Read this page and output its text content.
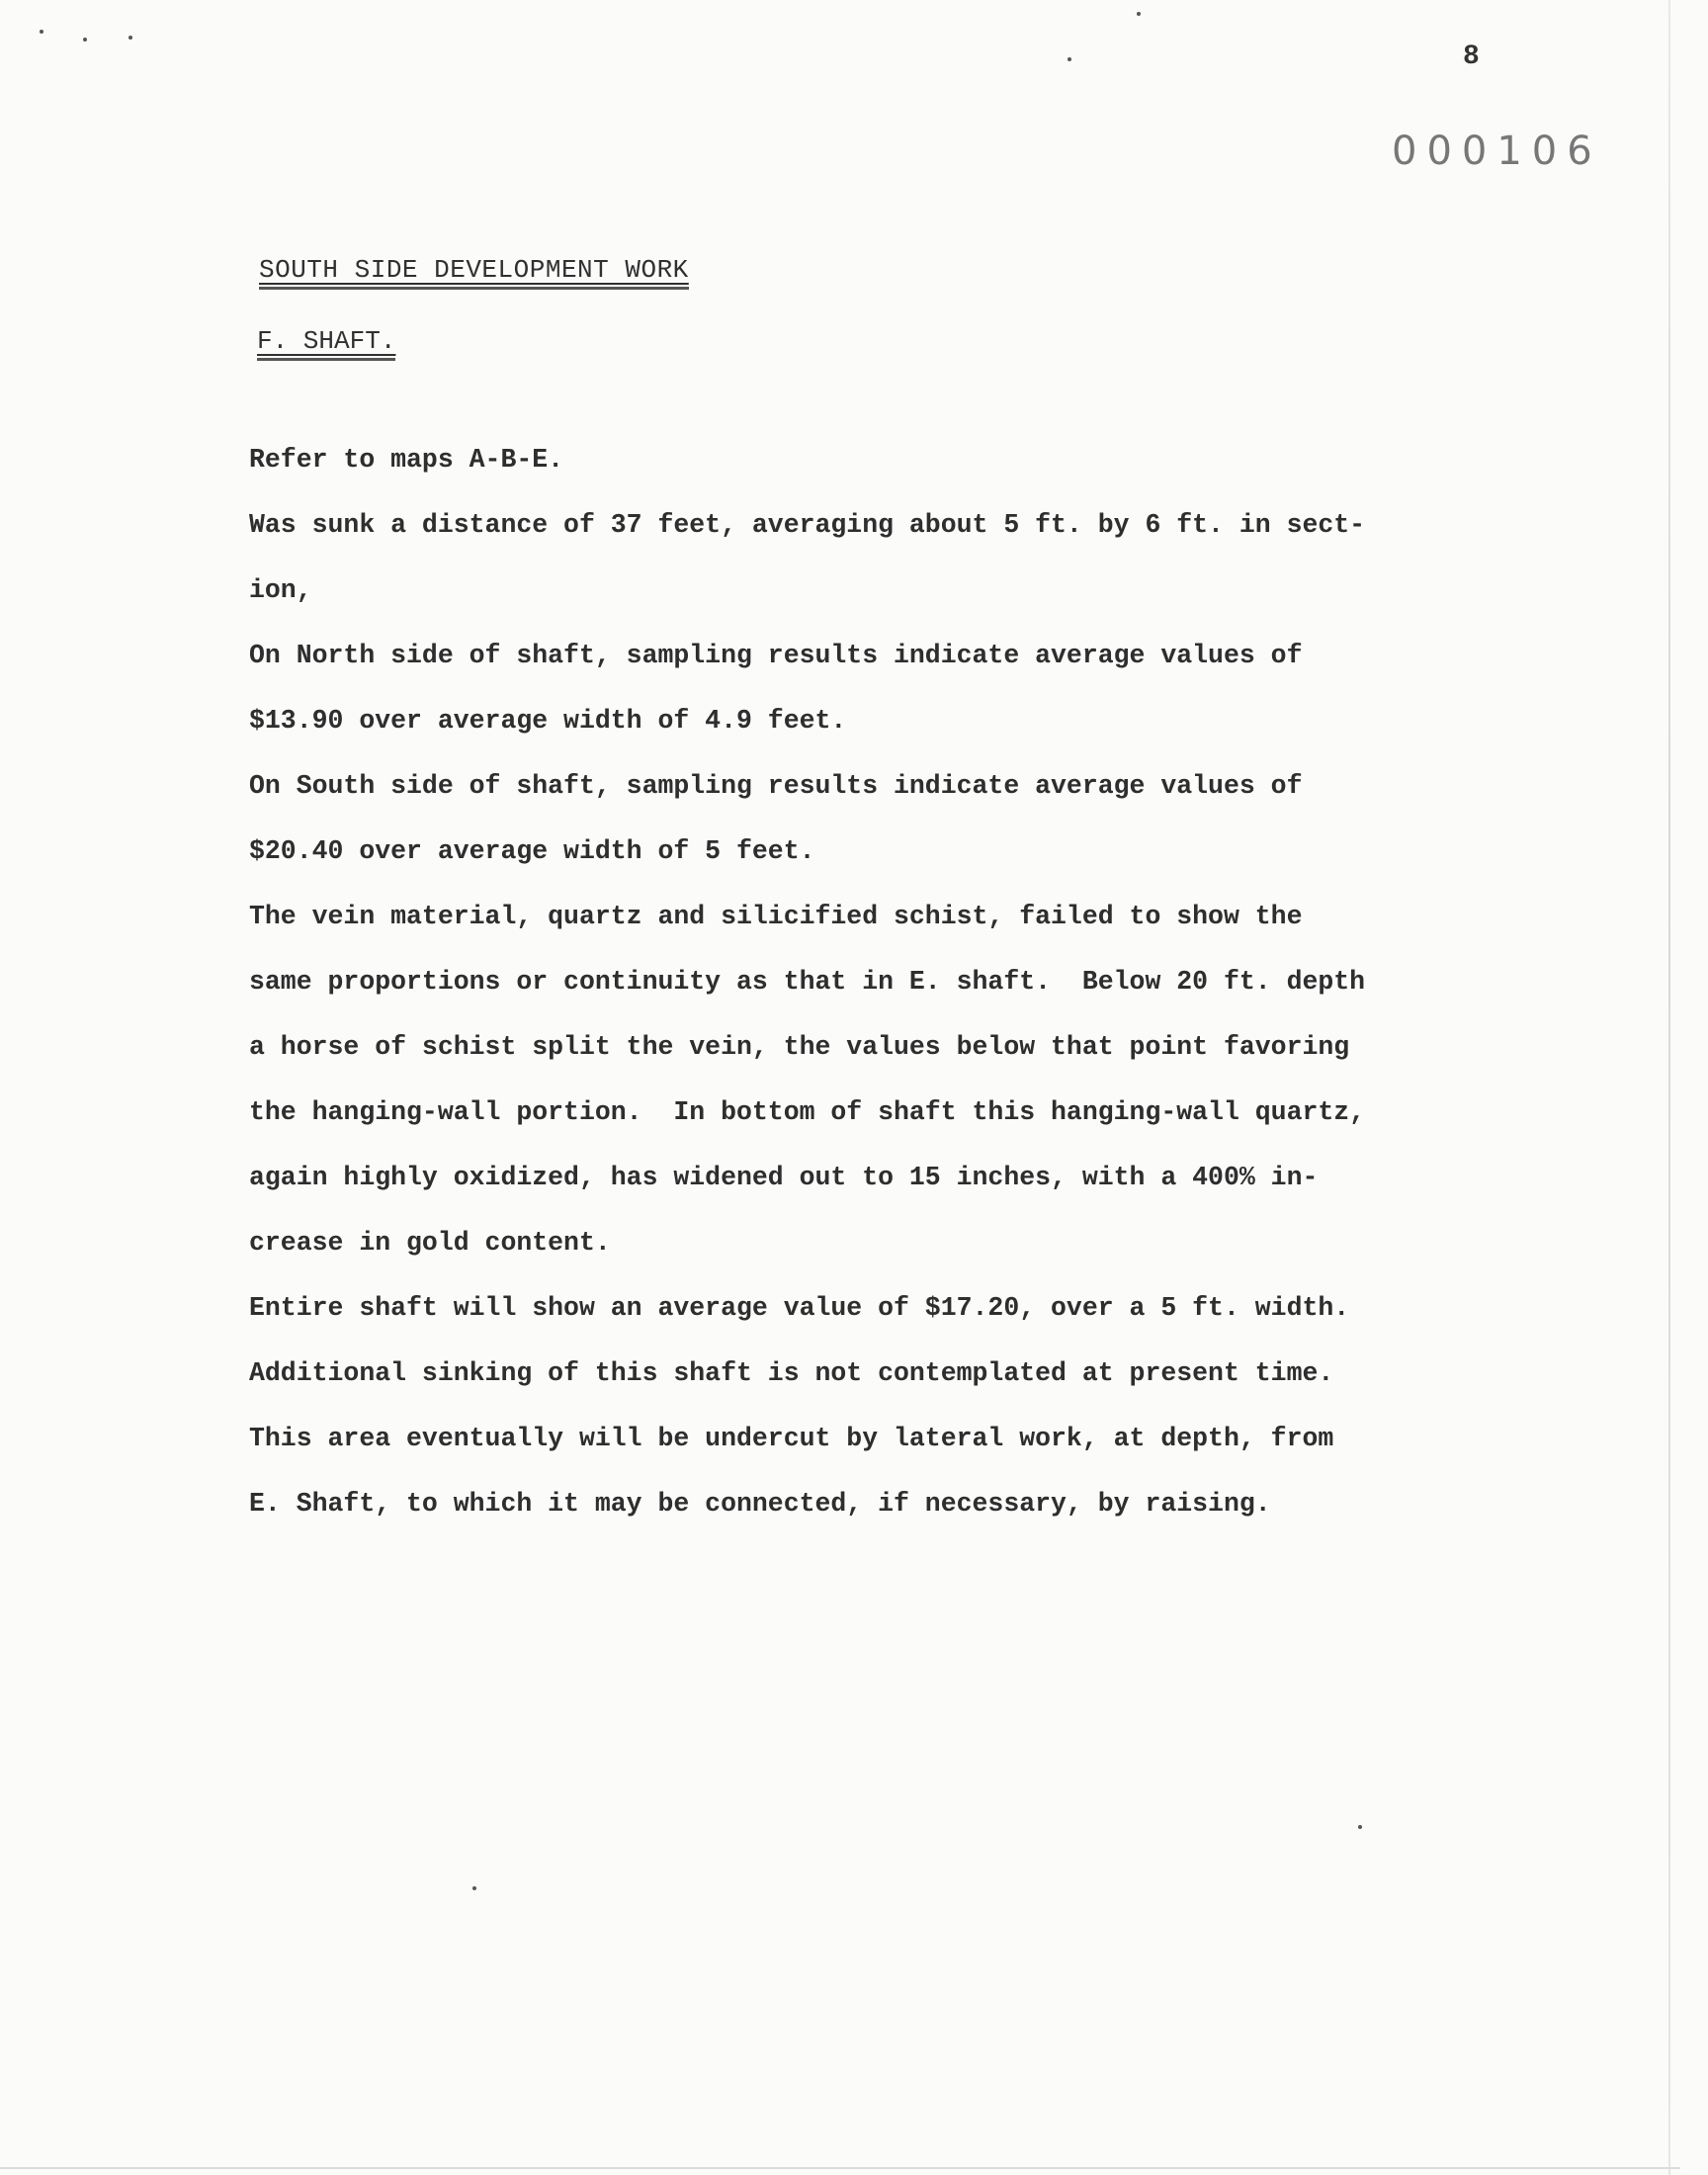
8
000106
SOUTH SIDE DEVELOPMENT WORK
F. SHAFT.
Refer to maps A-B-E.
Was sunk a distance of 37 feet, averaging about 5 ft. by 6 ft. in sect-
ion,
On North side of shaft, sampling results indicate average values of
$13.90 over average width of 4.9 feet.
On South side of shaft, sampling results indicate average values of
$20.40 over average width of 5 feet.
The vein material, quartz and silicified schist, failed to show the
same proportions or continuity as that in E. shaft.  Below 20 ft. depth
a horse of schist split the vein, the values below that point favoring
the hanging-wall portion.  In bottom of shaft this hanging-wall quartz,
again highly oxidized, has widened out to 15 inches, with a 400% in-
crease in gold content.
Entire shaft will show an average value of $17.20, over a 5 ft. width.
Additional sinking of this shaft is not contemplated at present time.
This area eventually will be undercut by lateral work, at depth, from
E. Shaft, to which it may be connected, if necessary, by raising.
